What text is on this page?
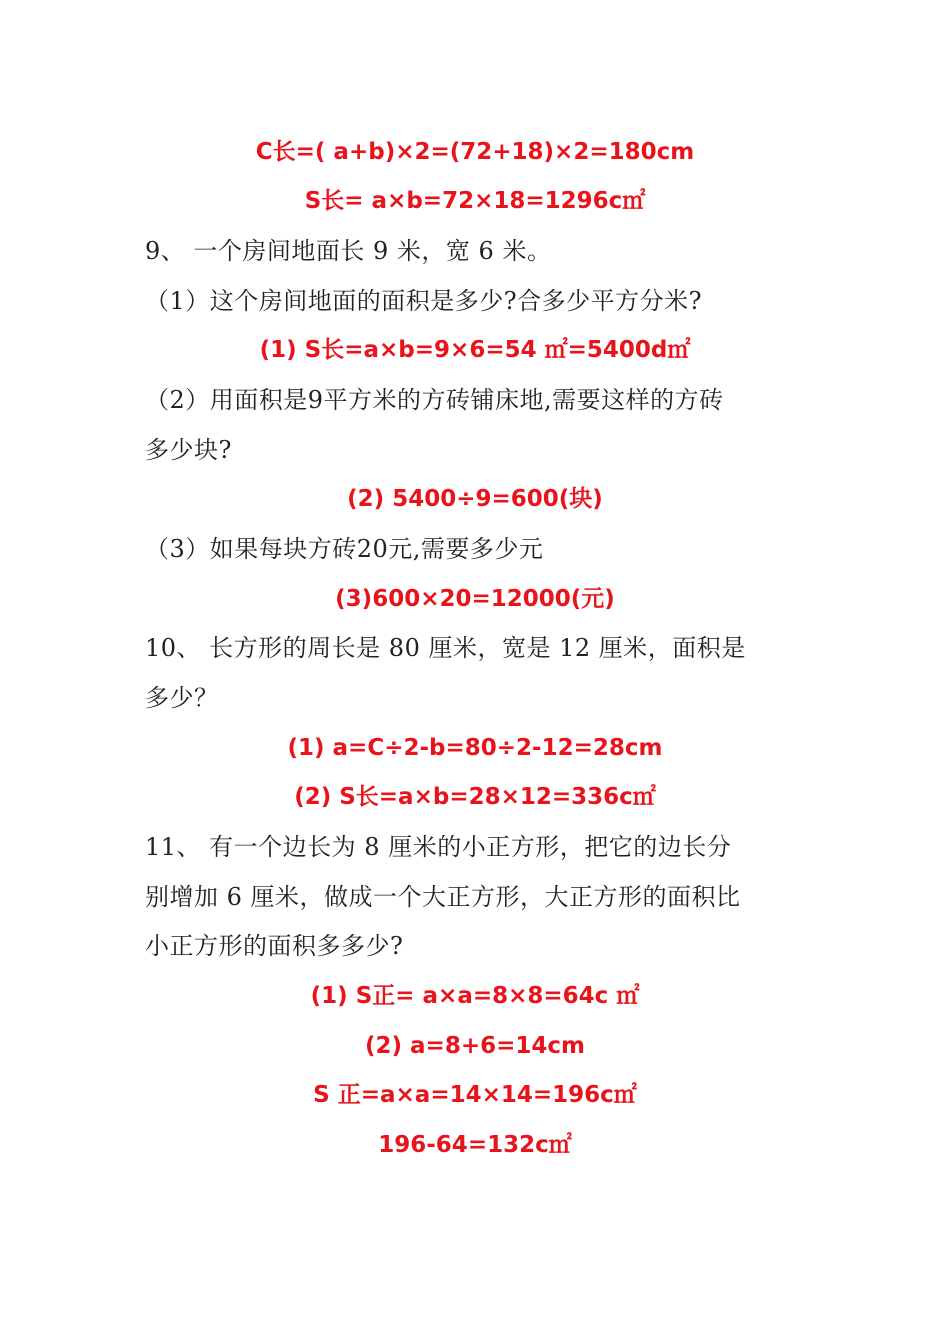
C长=( a+b)×2=(72+18)×2=180cm
S长= a×b=72×18=1296c㎡
9、 一个房间地面长 9 米，宽 6 米。
（1）这个房间地面的面积是多少?合多少平方分米?
(1) S长=a×b=9×6=54 ㎡=5400d㎡
（2）用面积是9平方米的方砖铺床地,需要这样的方砖
多少块?
(2) 5400÷9=600(块)
（3）如果每块方砖20元,需要多少元
(3)600×20=12000(元)
10、 长方形的周长是 80 厘米，宽是 12 厘米，面积是
多少？
(1) a=C÷2-b=80÷2-12=28cm
(2) S长=a×b=28×12=336c㎡
11、 有一个边长为 8 厘米的小正方形，把它的边长分
别增加 6 厘米，做成一个大正方形，大正方形的面积比
小正方形的面积多多少?
(1) S正= a×a=8×8=64c ㎡
(2) a=8+6=14cm
S 正=a×a=14×14=196c㎡
196-64=132c㎡
